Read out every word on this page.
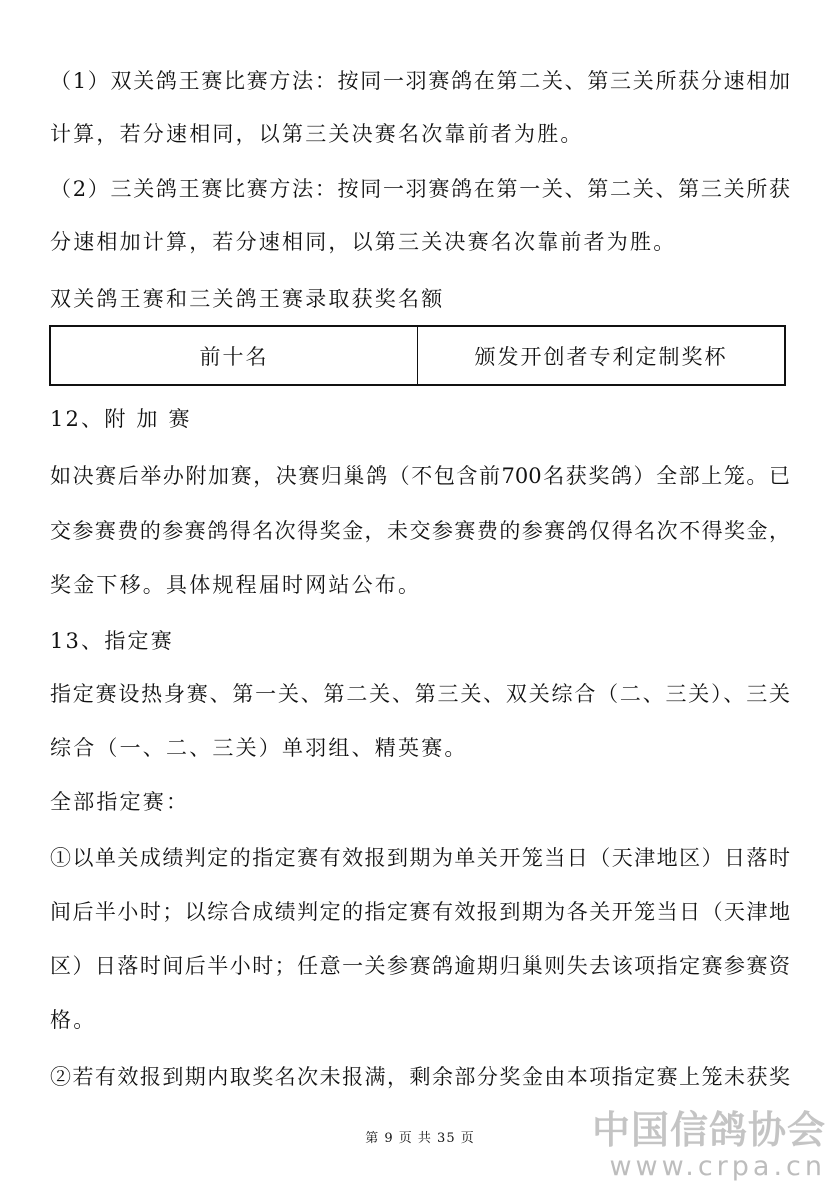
（1）双关鸽王赛比赛方法：按同一羽赛鸽在第二关、第三关所获分速相加
计算，若分速相同，以第三关决赛名次靠前者为胜。
（2）三关鸽王赛比赛方法：按同一羽赛鸽在第一关、第二关、第三关所获
分速相加计算，若分速相同，以第三关决赛名次靠前者为胜。
双关鸽王赛和三关鸽王赛录取获奖名额
前十名	颁发开创者专利定制奖杯
12、附 加 赛
如决赛后举办附加赛，决赛归巢鸽（不包含前700名获奖鸽）全部上笼。已
交参赛费的参赛鸽得名次得奖金，未交参赛费的参赛鸽仅得名次不得奖金，
奖金下移。具体规程届时网站公布。
13、指定赛
指定赛设热身赛、第一关、第二关、第三关、双关综合（二、三关）、三关
综合（一、二、三关）单羽组、精英赛。
全部指定赛：
①以单关成绩判定的指定赛有效报到期为单关开笼当日（天津地区）日落时
间后半小时；以综合成绩判定的指定赛有效报到期为各关开笼当日（天津地
区）日落时间后半小时；任意一关参赛鸽逾期归巢则失去该项指定赛参赛资
格。
②若有效报到期内取奖名次未报满，剩余部分奖金由本项指定赛上笼未获奖
第 9 页 共 35 页	中国信鸽协会
www.crpa.cn
